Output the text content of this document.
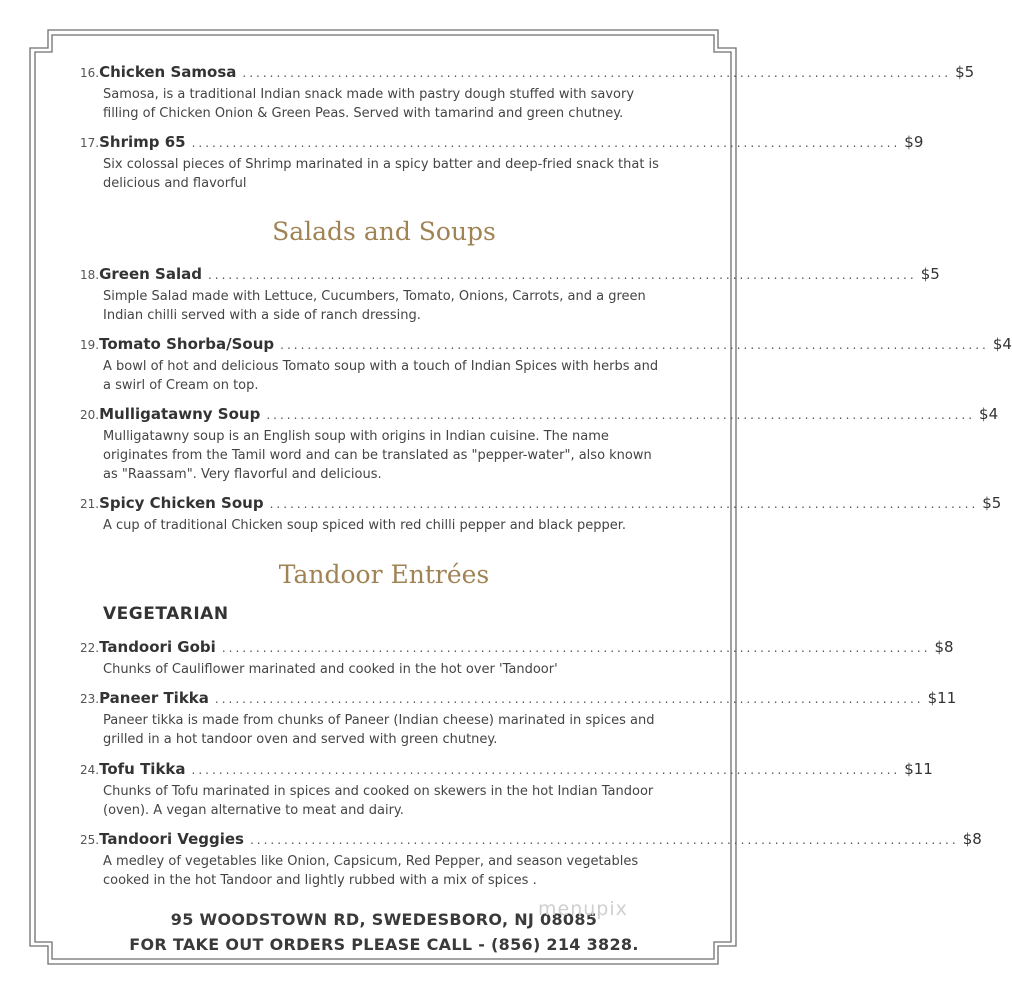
16. Chicken Samosa ........................................................................................................ $5
Samosa, is a traditional Indian snack made with pastry dough stuffed with savory filling of Chicken Onion & Green Peas. Served with tamarind and green chutney.
17. Shrimp 65 ........................................................................................................ $9
Six colossal pieces of Shrimp marinated in a spicy batter and deep-fried snack that is delicious and flavorful
Salads and Soups
18. Green Salad ........................................................................................................ $5
Simple Salad made with Lettuce, Cucumbers, Tomato, Onions, Carrots, and a green Indian chilli served with a side of ranch dressing.
19. Tomato Shorba/Soup ........................................................................................................ $4
A bowl of hot and delicious Tomato soup with a touch of Indian Spices with herbs and a swirl of Cream on top.
20. Mulligatawny Soup ........................................................................................................ $4
Mulligatawny soup is an English soup with origins in Indian cuisine. The name originates from the Tamil word and can be translated as "pepper-water", also known as "Raassam". Very flavorful and delicious.
21. Spicy Chicken Soup ........................................................................................................ $5
A cup of traditional Chicken soup spiced with red chilli pepper and black pepper.
Tandoor Entrées
VEGETARIAN
22. Tandoori Gobi ........................................................................................................ $8
Chunks of Cauliflower marinated and cooked in the hot over 'Tandoor'
23. Paneer Tikka ........................................................................................................ $11
Paneer tikka is made from chunks of Paneer (Indian cheese) marinated in spices and grilled in a hot tandoor oven and served with green chutney.
24. Tofu Tikka ........................................................................................................ $11
Chunks of Tofu marinated in spices and cooked on skewers in the hot Indian Tandoor (oven). A vegan alternative to meat and dairy.
25. Tandoori Veggies ........................................................................................................ $8
A medley of vegetables like Onion, Capsicum, Red Pepper, and season vegetables cooked in the hot Tandoor and lightly rubbed with a mix of spices .
95 WOODSTOWN RD, SWEDESBORO, NJ 08085
FOR TAKE OUT ORDERS PLEASE CALL - (856) 214 3828.
menupix
